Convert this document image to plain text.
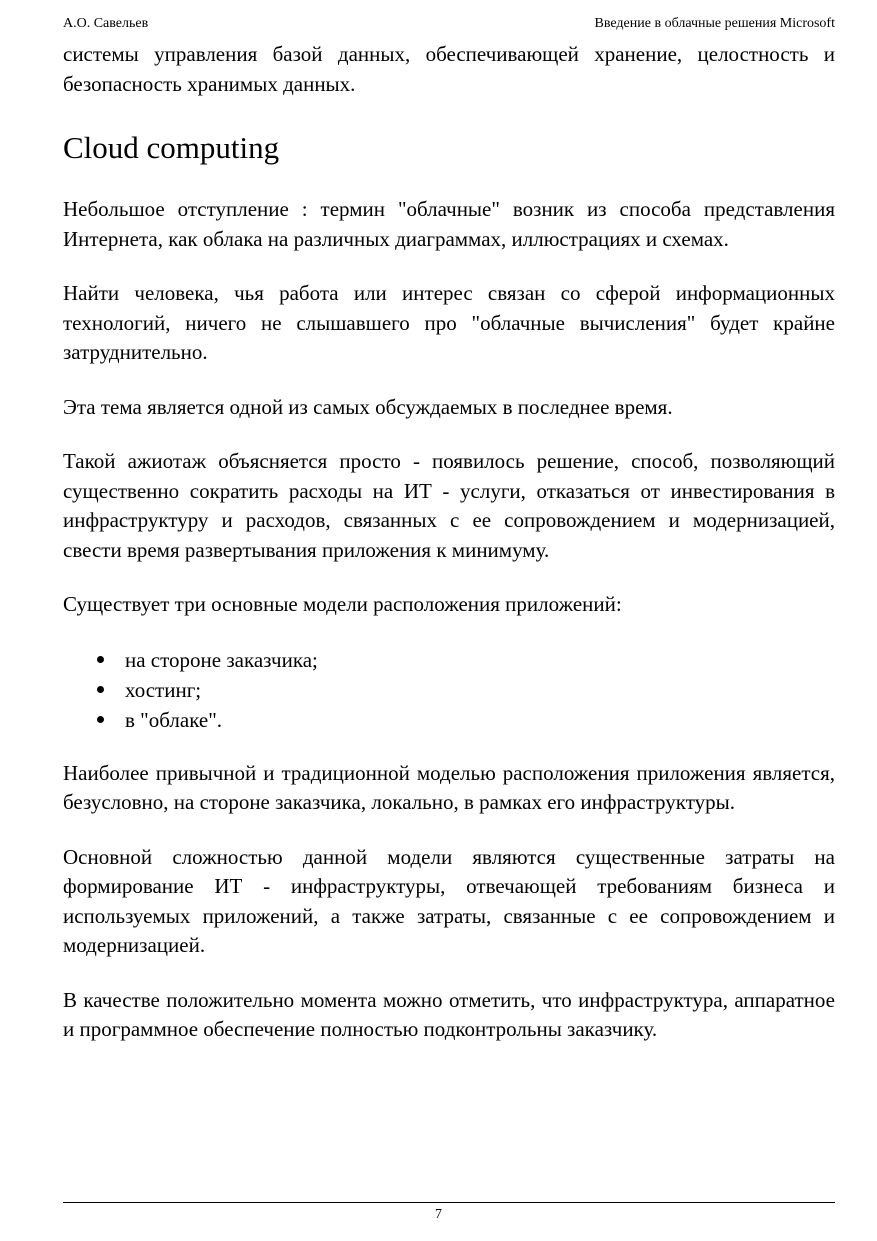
А.О. Савельев	Введение в облачные решения Microsoft

системы управления базой данных, обеспечивающей хранение, целостность и безопасность хранимых данных.

Cloud computing

Небольшое отступление : термин "облачные" возник из способа представления Интернета, как облака на различных диаграммах, иллюстрациях и схемах.

Найти человека, чья работа или интерес связан со сферой информационных технологий, ничего не слышавшего про "облачные вычисления" будет крайне затруднительно.

Эта тема является одной из самых обсуждаемых в последнее время.

Такой ажиотаж объясняется просто - появилось решение, способ, позволяющий существенно сократить расходы на ИТ - услуги, отказаться от инвестирования в инфраструктуру и расходов, связанных с ее сопровождением и модернизацией, свести время развертывания приложения к минимуму.

Существует три основные модели расположения приложений:

на стороне заказчика;
хостинг;
в "облаке".

Наиболее привычной и традиционной моделью расположения приложения является, безусловно, на стороне заказчика, локально, в рамках его инфраструктуры.

Основной сложностью данной модели являются существенные затраты на формирование ИТ - инфраструктуры, отвечающей требованиям бизнеса и используемых приложений, а также затраты, связанные с ее сопровождением и модернизацией.

В качестве положительно момента можно отметить, что инфраструктура, аппаратное и программное обеспечение полностью подконтрольны заказчику.

7
